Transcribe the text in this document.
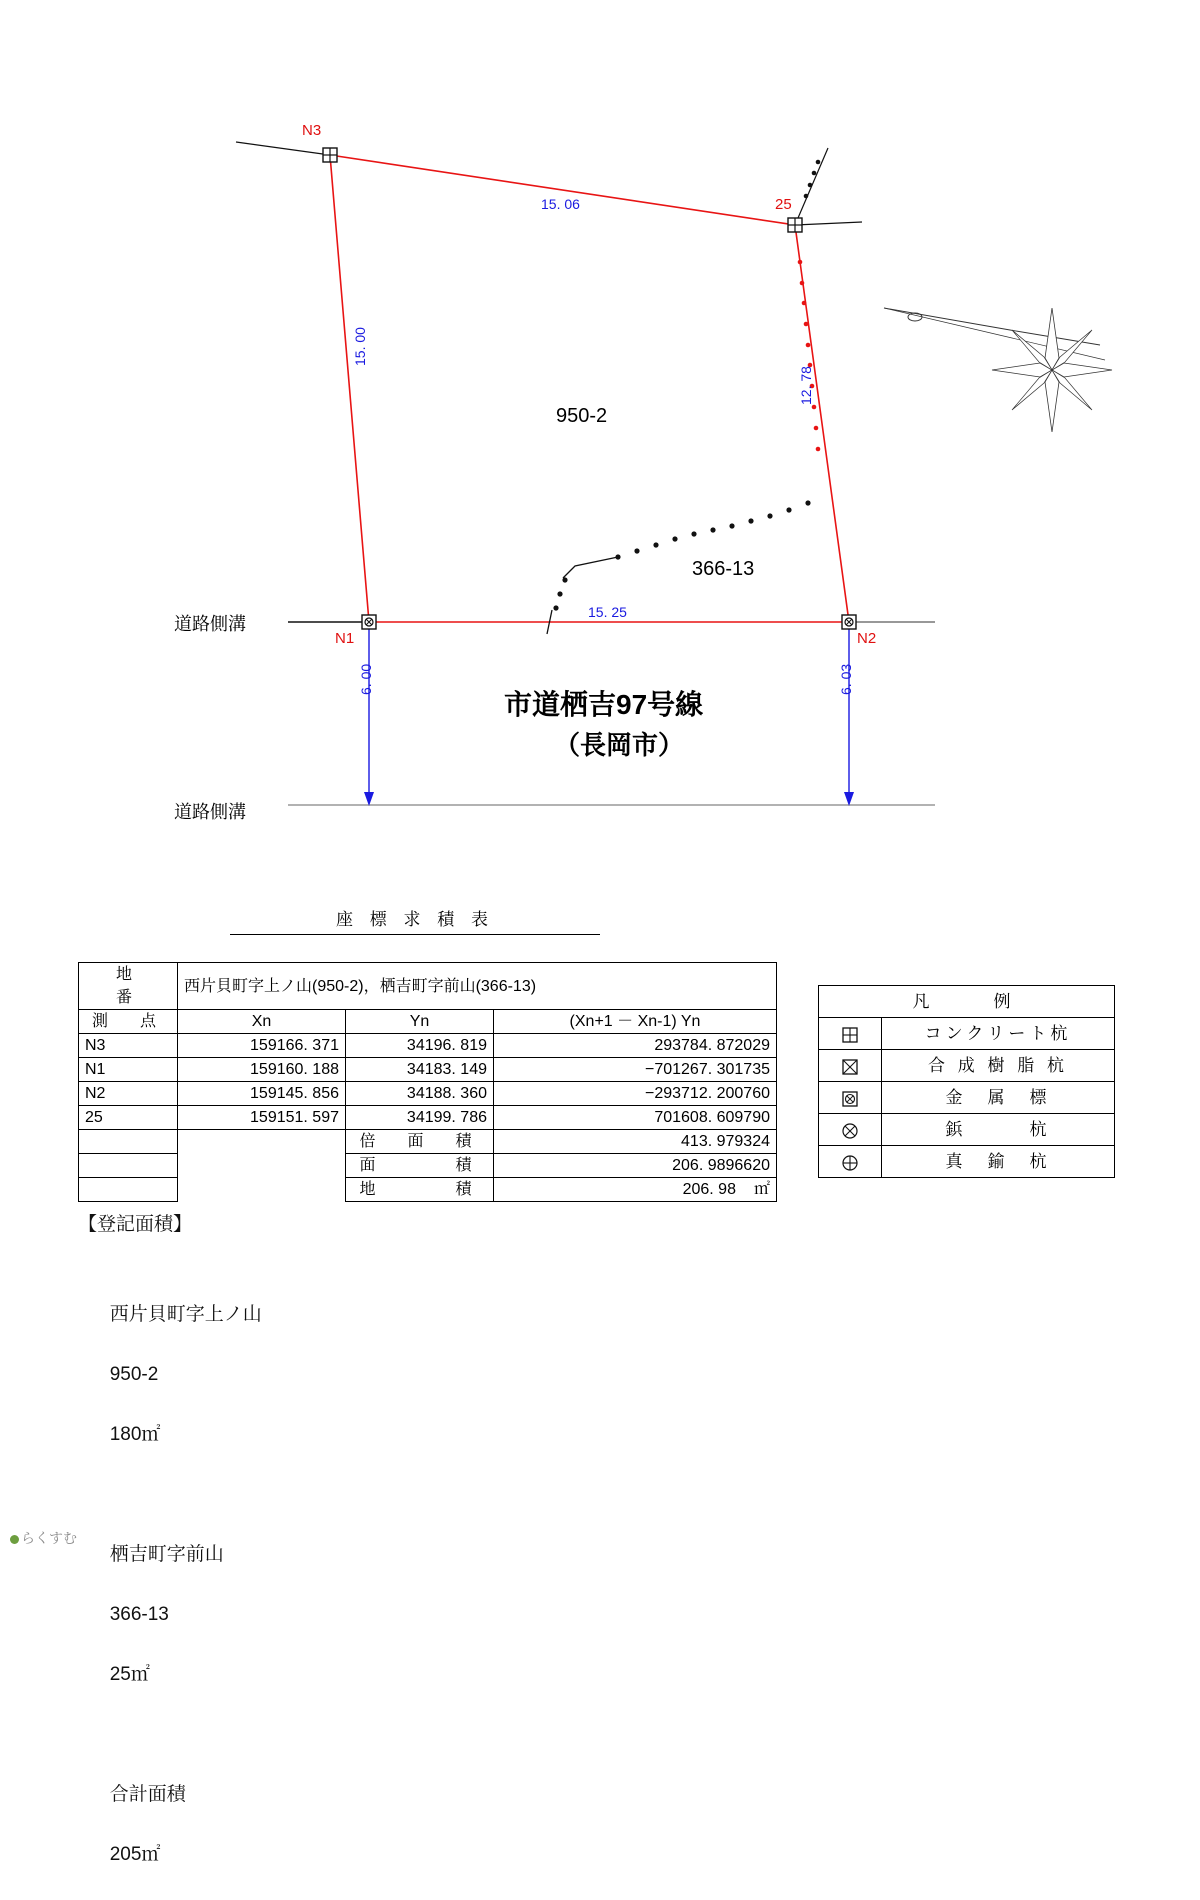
950-2
366-13
N3
25
N1	N2
15. 06
15. 00
12. 78
15. 25
6. 00	6. 03
道路側溝
道路側溝
市道栖吉97号線
（長岡市）
座 標 求 積 表
地　　番	西片貝町字上ノ山(950-2)，栖吉町字前山(366-13)		
測　点	Xn	Yn	(Xn+1 － Xn-1) Yn
N3	159166. 371	34196. 819	293784. 872029
N1	159160. 188	34183. 149	−701267. 301735
N2	159145. 856	34188. 360	−293712. 200760
25	159151. 597	34199. 786	701608. 609790
		倍　面　積	413. 979324
		面　　　積	206. 9896620
		地　　　積	206. 98 ㎡
凡　　例	
	コンクリート杭
	合 成 樹 脂 杭
	金　属　標
	鋲　　　杭
	真　鍮　杭
【登記面積】

西片貝町字上ノ山

950-2

180㎡

栖吉町字前山

366-13

25㎡

合計面積

205㎡

らくすむ
